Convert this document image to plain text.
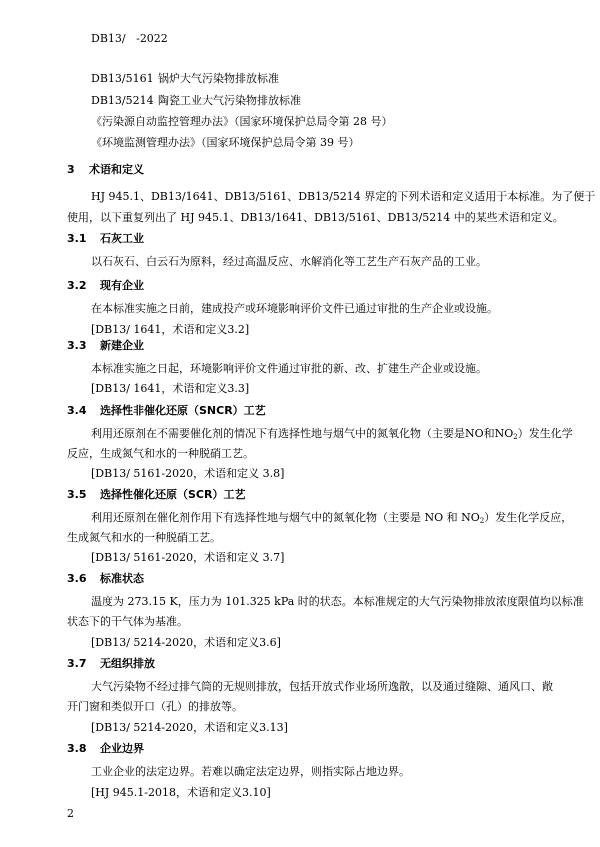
DB13/   -2022
DB13/5161 锅炉大气污染物排放标准
DB13/5214 陶瓷工业大气污染物排放标准
《污染源自动监控管理办法》（国家环境保护总局令第 28 号）
《环境监测管理办法》（国家环境保护总局令第 39 号）
3 术语和定义
HJ 945.1、DB13/1641、DB13/5161、DB13/5214 界定的下列术语和定义适用于本标准。为了便于
使用，以下重复列出了 HJ 945.1、DB13/1641、DB13/5161、DB13/5214 中的某些术语和定义。
3.1 石灰工业
以石灰石、白云石为原料，经过高温反应、水解消化等工艺生产石灰产品的工业。
3.2 现有企业
在本标准实施之日前，建成投产或环境影响评价文件已通过审批的生产企业或设施。
[DB13/ 1641，术语和定义3.2]
3.3 新建企业
本标准实施之日起，环境影响评价文件通过审批的新、改、扩建生产企业或设施。
[DB13/ 1641，术语和定义3.3]
3.4 选择性非催化还原（SNCR）工艺
利用还原剂在不需要催化剂的情况下有选择性地与烟气中的氮氧化物（主要是NO和$NO_2$）发生化学
反应，生成氮气和水的一种脱硝工艺。
[DB13/ 5161-2020，术语和定义 3.8]
3.5 选择性催化还原（SCR）工艺
利用还原剂在催化剂作用下有选择性地与烟气中的氮氧化物（主要是 NO 和 $NO_2$）发生化学反应，
生成氮气和水的一种脱硝工艺。
[DB13/ 5161-2020，术语和定义 3.7]
3.6 标准状态
温度为 273.15 K，压力为 101.325 kPa 时的状态。本标准规定的大气污染物排放浓度限值均以标准
状态下的干气体为基准。
[DB13/ 5214-2020，术语和定义3.6]
3.7 无组织排放
大气污染物不经过排气筒的无规则排放，包括开放式作业场所逸散，以及通过缝隙、通风口、敞
开门窗和类似开口（孔）的排放等。
[DB13/ 5214-2020，术语和定义3.13]
3.8 企业边界
工业企业的法定边界。若难以确定法定边界，则指实际占地边界。
[HJ 945.1-2018，术语和定义3.10]
2
